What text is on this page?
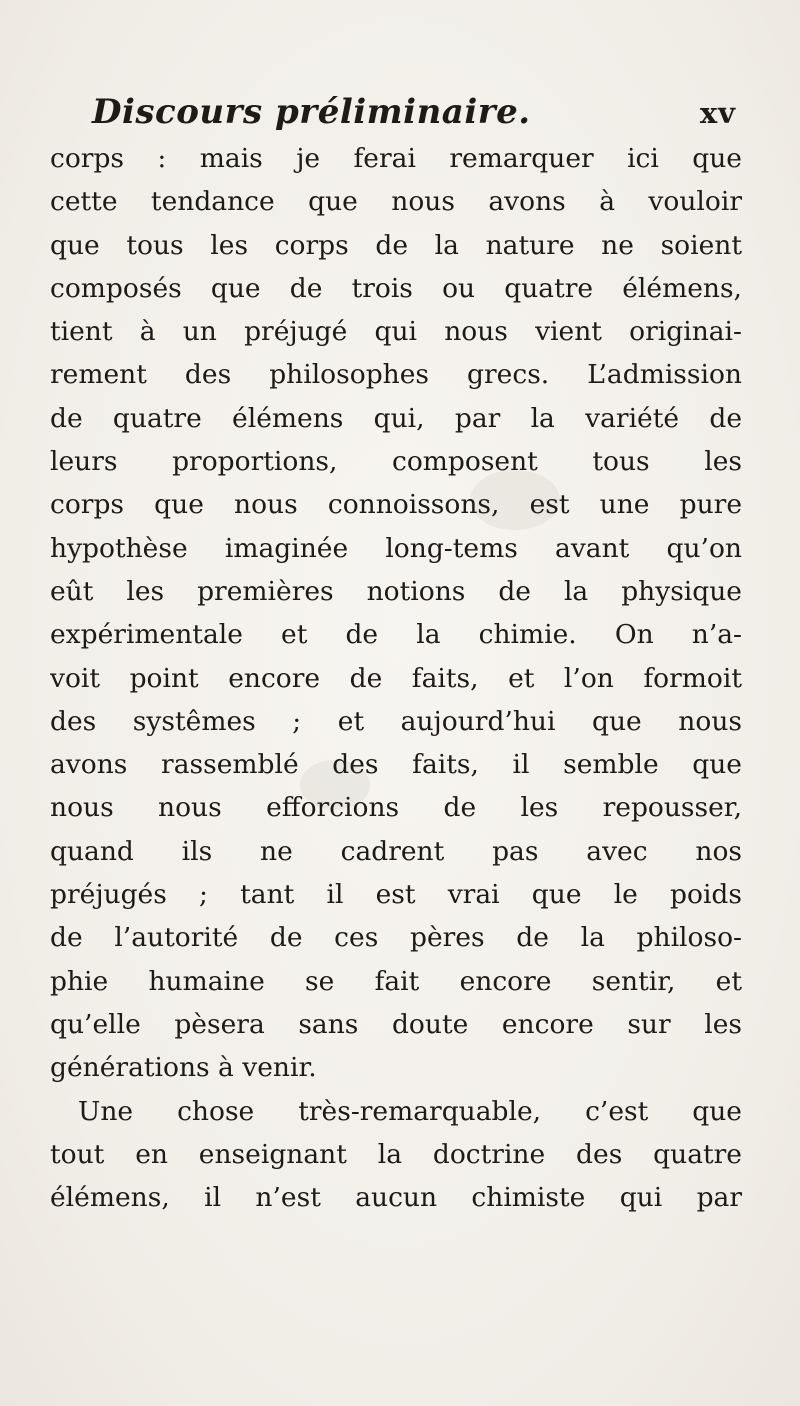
Discours préliminaire.	xv
corps : mais je ferai remarquer ici que
cette tendance que nous avons à vouloir
que tous les corps de la nature ne soient
composés que de trois ou quatre élémens,
tient à un préjugé qui nous vient originai-
rement des philosophes grecs. L’admission
de quatre élémens qui, par la variété de
leurs proportions, composent tous les
corps que nous connoissons, est une pure
hypothèse imaginée long-tems avant qu’on
eût les premières notions de la physique
expérimentale et de la chimie. On n’a-
voit point encore de faits, et l’on formoit
des systêmes ; et aujourd’hui que nous
avons rassemblé des faits, il semble que
nous nous efforcions de les repousser,
quand ils ne cadrent pas avec nos
préjugés ; tant il est vrai que le poids
de l’autorité de ces pères de la philoso-
phie humaine se fait encore sentir, et
qu’elle pèsera sans doute encore sur les
générations à venir.
Une chose très-remarquable, c’est que
tout en enseignant la doctrine des quatre
élémens, il n’est aucun chimiste qui par
